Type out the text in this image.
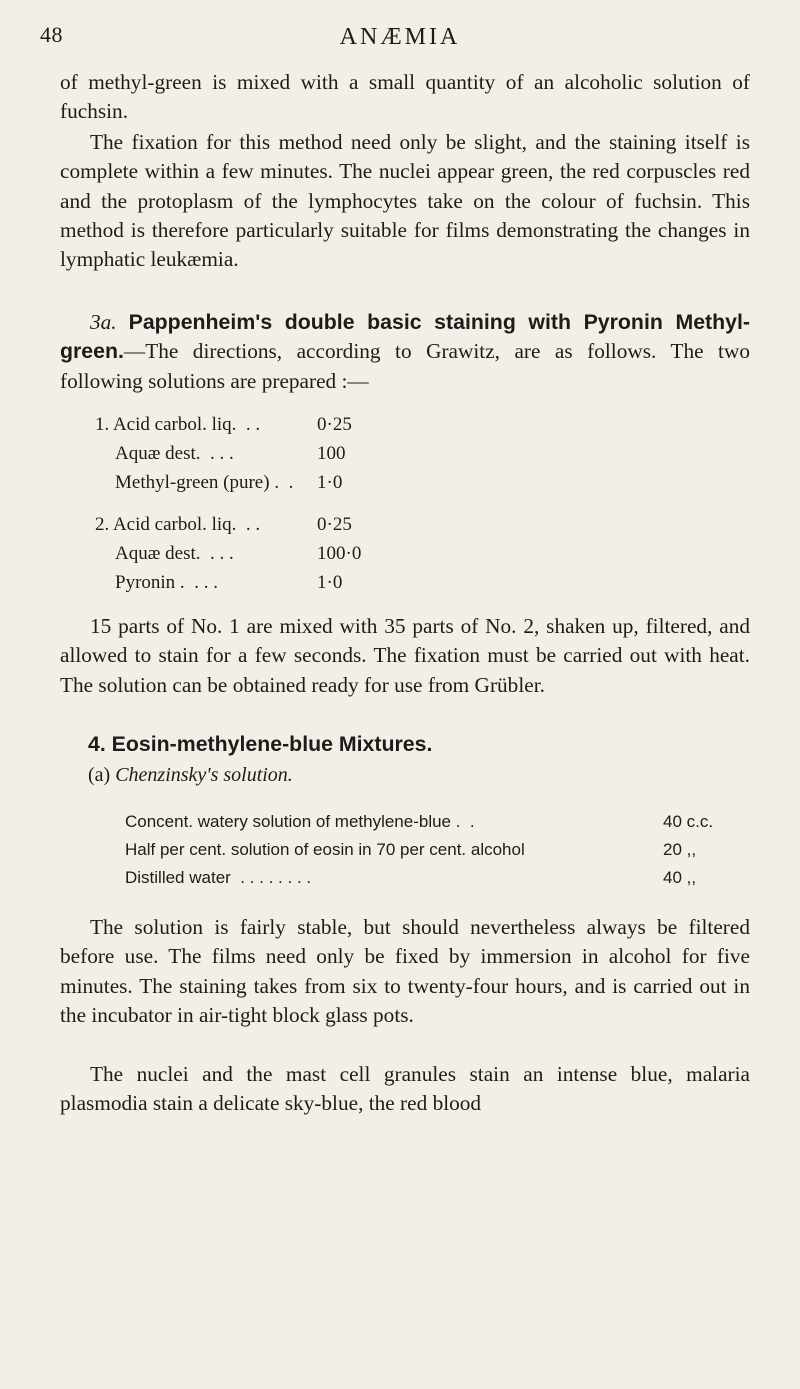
48	ANÆMIA

of methyl-green is mixed with a small quantity of an alcoholic solution of fuchsin.

The fixation for this method need only be slight, and the staining itself is complete within a few minutes. The nuclei appear green, the red corpuscles red and the protoplasm of the lymphocytes take on the colour of fuchsin. This method is therefore particularly suitable for films demonstrating the changes in lymphatic leukæmia.

3a. Pappenheim's double basic staining with Pyronin Methyl-green.—The directions, according to Grawitz, are as follows. The two following solutions are prepared :—

1. Acid carbol. liq. . .	0·25
Aquæ dest. . . .	100
Methyl-green (pure) . . 1·0
2. Acid carbol. liq. . .	0·25
Aquæ dest. . . .	100·0
Pyronin . . . .	1·0

15 parts of No. 1 are mixed with 35 parts of No. 2, shaken up, filtered, and allowed to stain for a few seconds. The fixation must be carried out with heat. The solution can be obtained ready for use from Grübler.

4. Eosin-methylene-blue Mixtures.
(a) Chenzinsky's solution.
Concent. watery solution of methylene-blue . .	40 c.c.
Half per cent. solution of eosin in 70 per cent. alcohol	20 ,,
Distilled water . . . . . . . .	40 ,,

The solution is fairly stable, but should nevertheless always be filtered before use. The films need only be fixed by immersion in alcohol for five minutes. The staining takes from six to twenty-four hours, and is carried out in the incubator in air-tight block glass pots.

The nuclei and the mast cell granules stain an intense blue, malaria plasmodia stain a delicate sky-blue, the red blood
